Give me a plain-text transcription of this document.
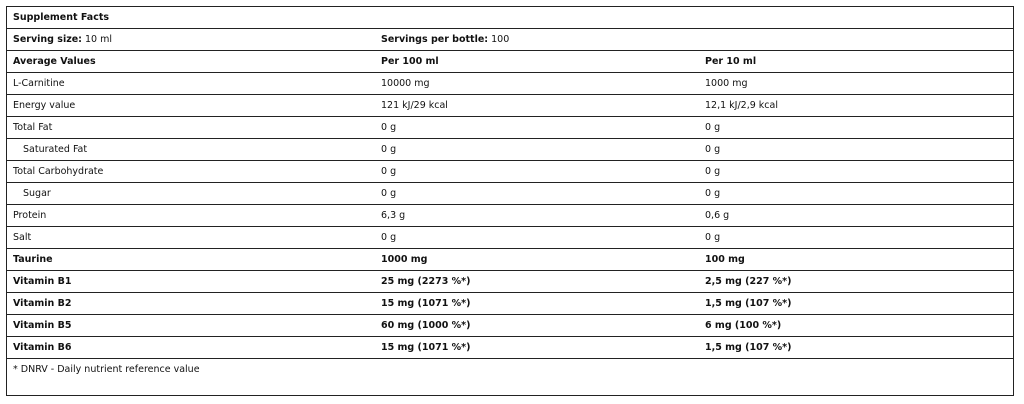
Supplement Facts
Serving size: 10 ml	Servings per bottle: 100
Average Values	Per 100 ml	Per 10 ml
L-Carnitine	10000 mg	1000 mg
Energy value	121 kJ/29 kcal	12,1 kJ/2,9 kcal
Total Fat	0 g	0 g
Saturated Fat	0 g	0 g
Total Carbohydrate	0 g	0 g
Sugar	0 g	0 g
Protein	6,3 g	0,6 g
Salt	0 g	0 g
Taurine	1000 mg	100 mg
Vitamin B1	25 mg (2273 %*)	2,5 mg (227 %*)
Vitamin B2	15 mg (1071 %*)	1,5 mg (107 %*)
Vitamin B5	60 mg (1000 %*)	6 mg (100 %*)
Vitamin B6	15 mg (1071 %*)	1,5 mg (107 %*)
* DNRV - Daily nutrient reference value
